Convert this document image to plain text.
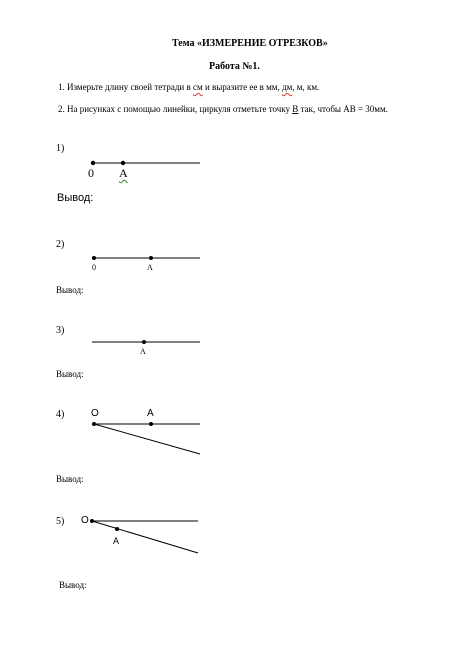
Тема «ИЗМЕРЕНИЕ ОТРЕЗКОВ»
Работа №1.
1. Измерьте длину своей тетради в см и выразите ее в мм, дм, м, км.
2. На рисунках с помощью линейки, циркуля отметьте точку В так, чтобы АВ = 30мм.
1)
0 А
Вывод:
2)
0	А
Вывод:
3)
А
Вывод:
4)	О	А
Вывод:
5) О
А
Вывод:
